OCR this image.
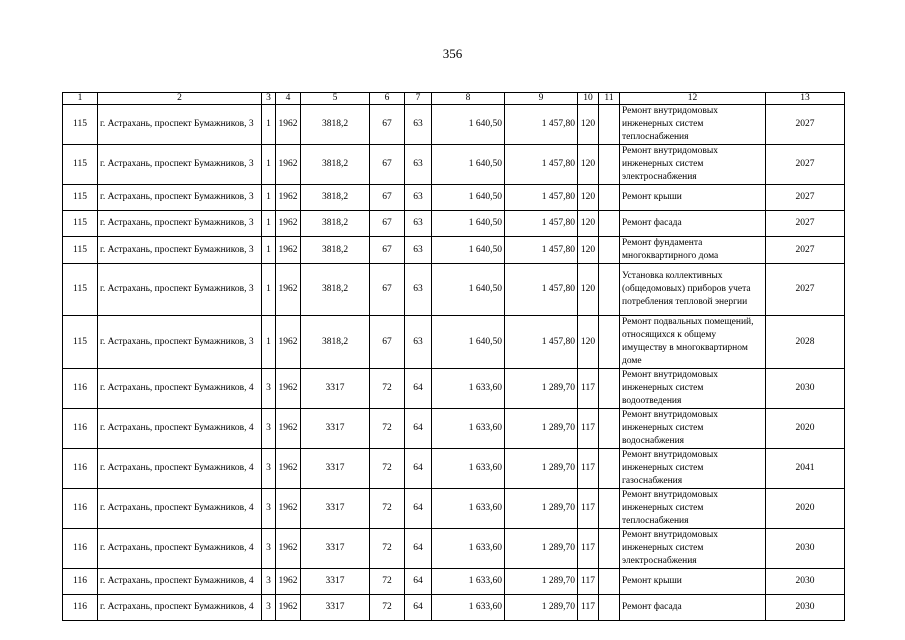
356
1	2	3	4	5	6	7	8	9	10	11	12	13
115	г. Астрахань, проспект Бумажников, 3	1	1962	3818,2	67	63	1 640,50	1 457,80	120		Ремонт внутридомовых инженерных систем теплоснабжения	2027
115	г. Астрахань, проспект Бумажников, 3	1	1962	3818,2	67	63	1 640,50	1 457,80	120		Ремонт внутридомовых инженерных систем электроснабжения	2027
115	г. Астрахань, проспект Бумажников, 3	1	1962	3818,2	67	63	1 640,50	1 457,80	120		Ремонт крыши	2027
115	г. Астрахань, проспект Бумажников, 3	1	1962	3818,2	67	63	1 640,50	1 457,80	120		Ремонт фасада	2027
115	г. Астрахань, проспект Бумажников, 3	1	1962	3818,2	67	63	1 640,50	1 457,80	120		Ремонт фундамента многоквартирного дома	2027
115	г. Астрахань, проспект Бумажников, 3	1	1962	3818,2	67	63	1 640,50	1 457,80	120		Установка коллективных (общедомовых) приборов учета потребления тепловой энергии	2027
115	г. Астрахань, проспект Бумажников, 3	1	1962	3818,2	67	63	1 640,50	1 457,80	120		Ремонт подвальных помещений, относящихся к общему имуществу в многоквартирном доме	2028
116	г. Астрахань, проспект Бумажников, 4	3	1962	3317	72	64	1 633,60	1 289,70	117		Ремонт внутридомовых инженерных систем водоотведения	2030
116	г. Астрахань, проспект Бумажников, 4	3	1962	3317	72	64	1 633,60	1 289,70	117		Ремонт внутридомовых инженерных систем водоснабжения	2020
116	г. Астрахань, проспект Бумажников, 4	3	1962	3317	72	64	1 633,60	1 289,70	117		Ремонт внутридомовых инженерных систем газоснабжения	2041
116	г. Астрахань, проспект Бумажников, 4	3	1962	3317	72	64	1 633,60	1 289,70	117		Ремонт внутридомовых инженерных систем теплоснабжения	2020
116	г. Астрахань, проспект Бумажников, 4	3	1962	3317	72	64	1 633,60	1 289,70	117		Ремонт внутридомовых инженерных систем электроснабжения	2030
116	г. Астрахань, проспект Бумажников, 4	3	1962	3317	72	64	1 633,60	1 289,70	117		Ремонт крыши	2030
116	г. Астрахань, проспект Бумажников, 4	3	1962	3317	72	64	1 633,60	1 289,70	117		Ремонт фасада	2030
